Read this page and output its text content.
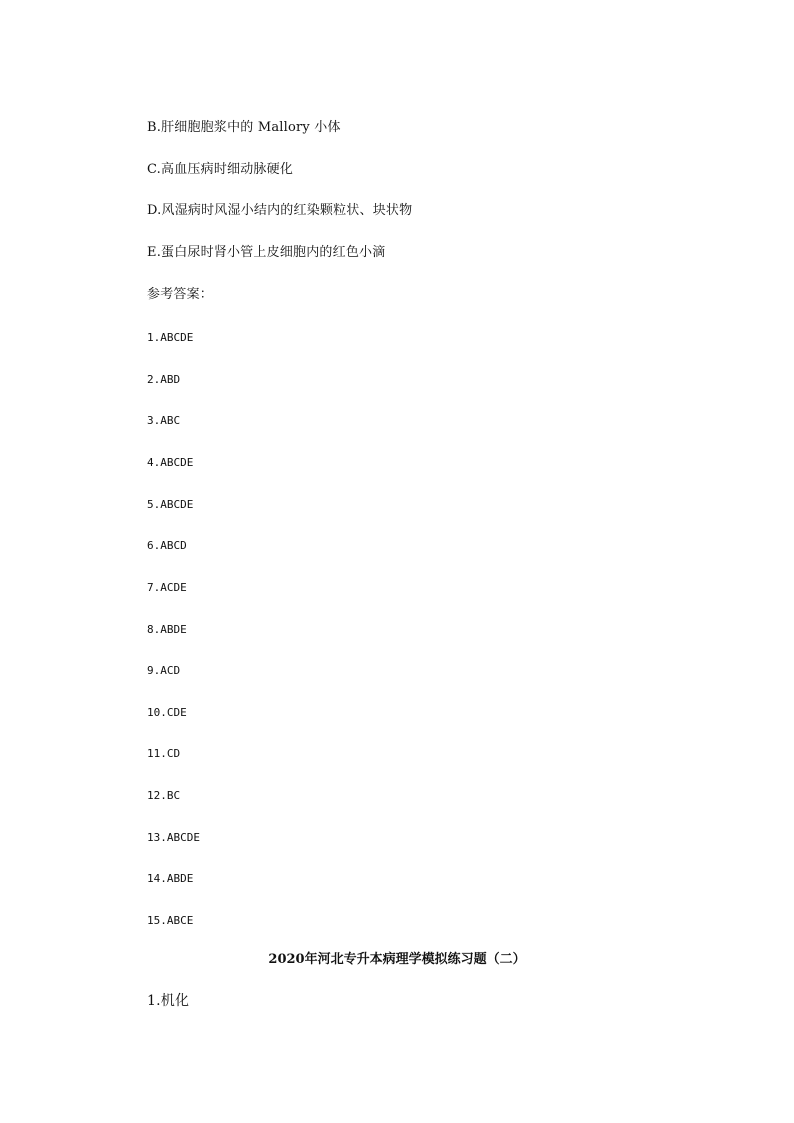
B.肝细胞胞浆中的 Mallory 小体
C.高血压病时细动脉硬化
D.风湿病时风湿小结内的红染颗粒状、块状物
E.蛋白尿时肾小管上皮细胞内的红色小滴
参考答案：
1.ABCDE
2.ABD
3.ABC
4.ABCDE
5.ABCDE
6.ABCD
7.ACDE
8.ABDE
9.ACD
10.CDE
11.CD
12.BC
13.ABCDE
14.ABDE
15.ABCE
2020年河北专升本病理学模拟练习题（二）
1.机化
